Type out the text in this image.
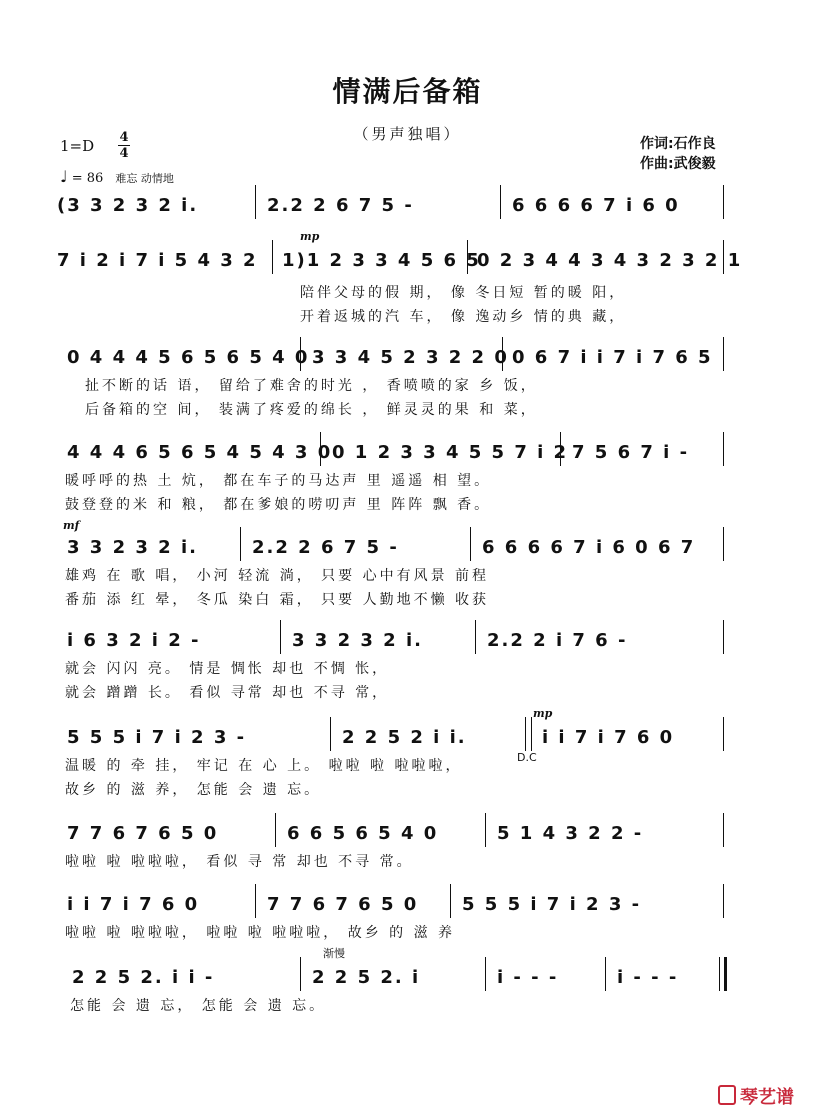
情满后备箱
（男声独唱）
作词:石作良
作曲:武俊毅
1=D 4
4
♩ = 86 难忘 动情地
(3 3 2 3 2 i.	2.2 2 6 7 5 -	6 6 6 6 7 i 6 0
mp
7 i 2 i 7 i 5 4 3 2 1)1 2 3 3 4 5 6 5
0 2 3 4 4 3 4 3 2 3 2 1
陪伴父母的假 期， 像 冬日短 暂的暖 阳，
开着返城的汽 车， 像 逸动乡 情的典 藏，
0 4 4 4 5 6 5 6 5 4 0 3 3 4 5 2 3 2 2 0 0 6 7 i i 7 i 7 6 5
扯不断的话 语， 留给了难舍的时光 ， 香喷喷的家 乡 饭，
后备箱的空 间， 装满了疼爱的绵长 ， 鲜灵灵的果 和 菜，
4 4 4 6 5 6 5 4 5 4 3 0 0 1 2 3 3 4 5 5 7 i 2 7 5 6 7 i -
暖呼呼的热 土 炕， 都在车子的马达声 里 遥遥 相 望。
鼓登登的米 和 粮， 都在爹娘的唠叨声 里 阵阵 飘 香。
mf
3 3 2 3 2 i.	2.2 2 6 7 5 -	6 6 6 6 7 i 6 0 6 7
雄鸡 在 歌 唱， 小河 轻流 淌， 只要 心中有风景 前程
番茄 添 红 晕， 冬瓜 染白 霜， 只要 人勤地不懒 收获
i 6 3 2 i 2 -	3 3 2 3 2 i.	2.2 2 i 7 6 -
就会 闪闪 亮。 情是 惆怅 却也 不惆 怅，
就会 蹭蹭 长。 看似 寻常 却也 不寻 常，
mp
D.C
5 5 5 i 7 i 2 3 -	2 2 5 2 i i.	i i 7 i 7 6 0
温暖 的 牵 挂， 牢记 在 心 上。 啦啦 啦 啦啦啦，
故乡 的 滋 养， 怎能 会 遗 忘。
7 7 6 7 6 5 0	6 6 5 6 5 4 0	5 1 4 3 2 2 -
啦啦 啦 啦啦啦， 看似 寻 常 却也 不寻 常。
i i 7 i 7 6 0	7 7 6 7 6 5 0 5 5 5 i 7 i 2 3 -
啦啦 啦 啦啦啦， 啦啦 啦 啦啦啦， 故乡 的 滋 养
渐慢
2 2 5 2. i i -	2 2 5 2. i	i - - -	i - - -
怎能 会 遗 忘， 怎能 会 遗 忘。
琴艺谱
